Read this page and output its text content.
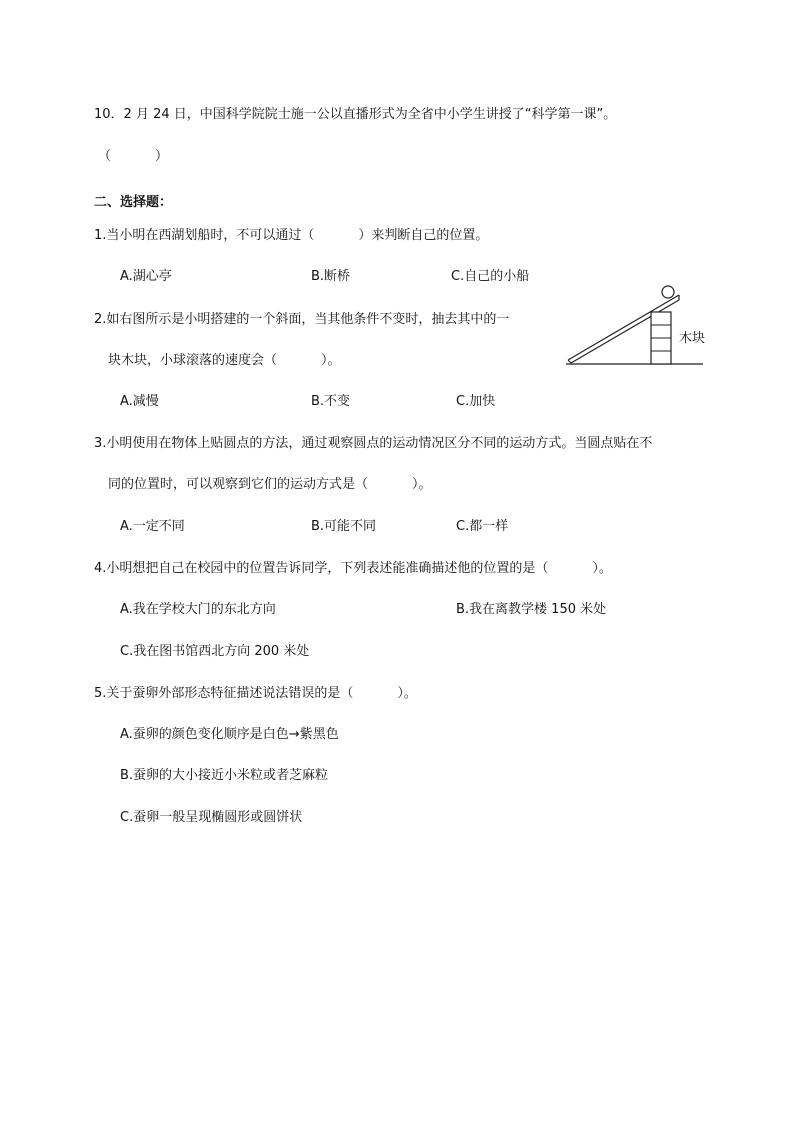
10．2 月 24 日，中国科学院院士施一公以直播形式为全省中小学生讲授了“科学第一课”。
（	）
二、选择题：
1.当小明在西湖划船时，不可以通过（	）来判断自己的位置。
A.湖心亭	B.断桥	C.自己的小船
2.如右图所示是小明搭建的一个斜面，当其他条件不变时，抽去其中的一
块木块，小球滚落的速度会（	）。
A.减慢	B.不变	C.加快
木块
3.小明使用在物体上贴圆点的方法，通过观察圆点的运动情况区分不同的运动方式。当圆点贴在不
同的位置时，可以观察到它们的运动方式是（	）。
A.一定不同	B.可能不同	C.都一样
4.小明想把自己在校园中的位置告诉同学，下列表述能准确描述他的位置的是（	）。
A.我在学校大门的东北方向	B.我在离教学楼 150 米处
C.我在图书馆西北方向 200 米处
5.关于蚕卵外部形态特征描述说法错误的是（	）。
A.蚕卵的颜色变化顺序是白色→紫黑色
B.蚕卵的大小接近小米粒或者芝麻粒
C.蚕卵一般呈现椭圆形或圆饼状
